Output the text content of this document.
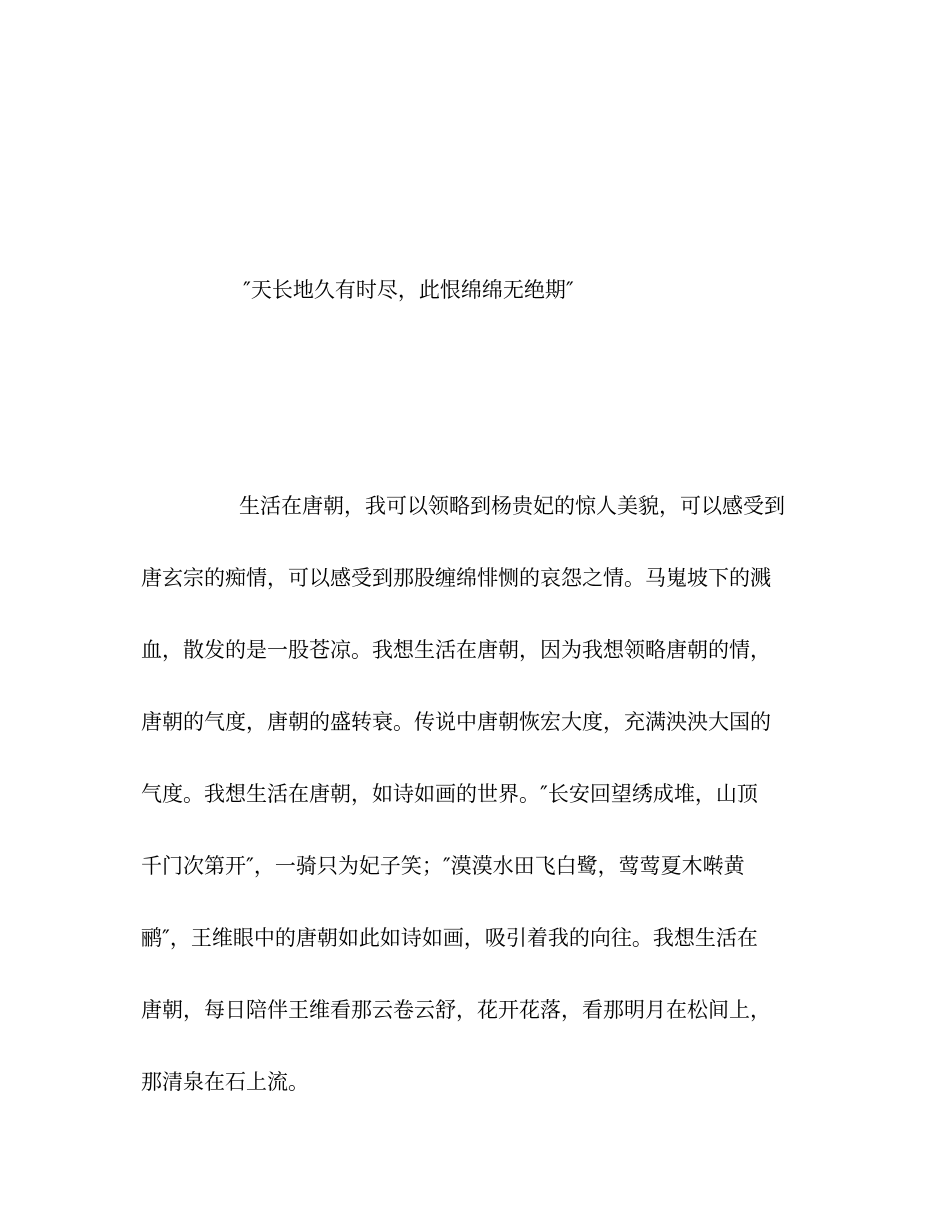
″天长地久有时尽，此恨绵绵无绝期″
生活在唐朝，我可以领略到杨贵妃的惊人美貌，可以感受到
唐玄宗的痴情，可以感受到那股缠绵悱恻的哀怨之情。马嵬坡下的溅
血，散发的是一股苍凉。我想生活在唐朝，因为我想领略唐朝的情，
唐朝的气度，唐朝的盛转衰。传说中唐朝恢宏大度，充满泱泱大国的
气度。我想生活在唐朝，如诗如画的世界。″长安回望绣成堆，山顶
千门次第开″，一骑只为妃子笑；″漠漠水田飞白鹭，莺莺夏木啭黄
鹂″，王维眼中的唐朝如此如诗如画，吸引着我的向往。我想生活在
唐朝，每日陪伴王维看那云卷云舒，花开花落，看那明月在松间上，
那清泉在石上流。
